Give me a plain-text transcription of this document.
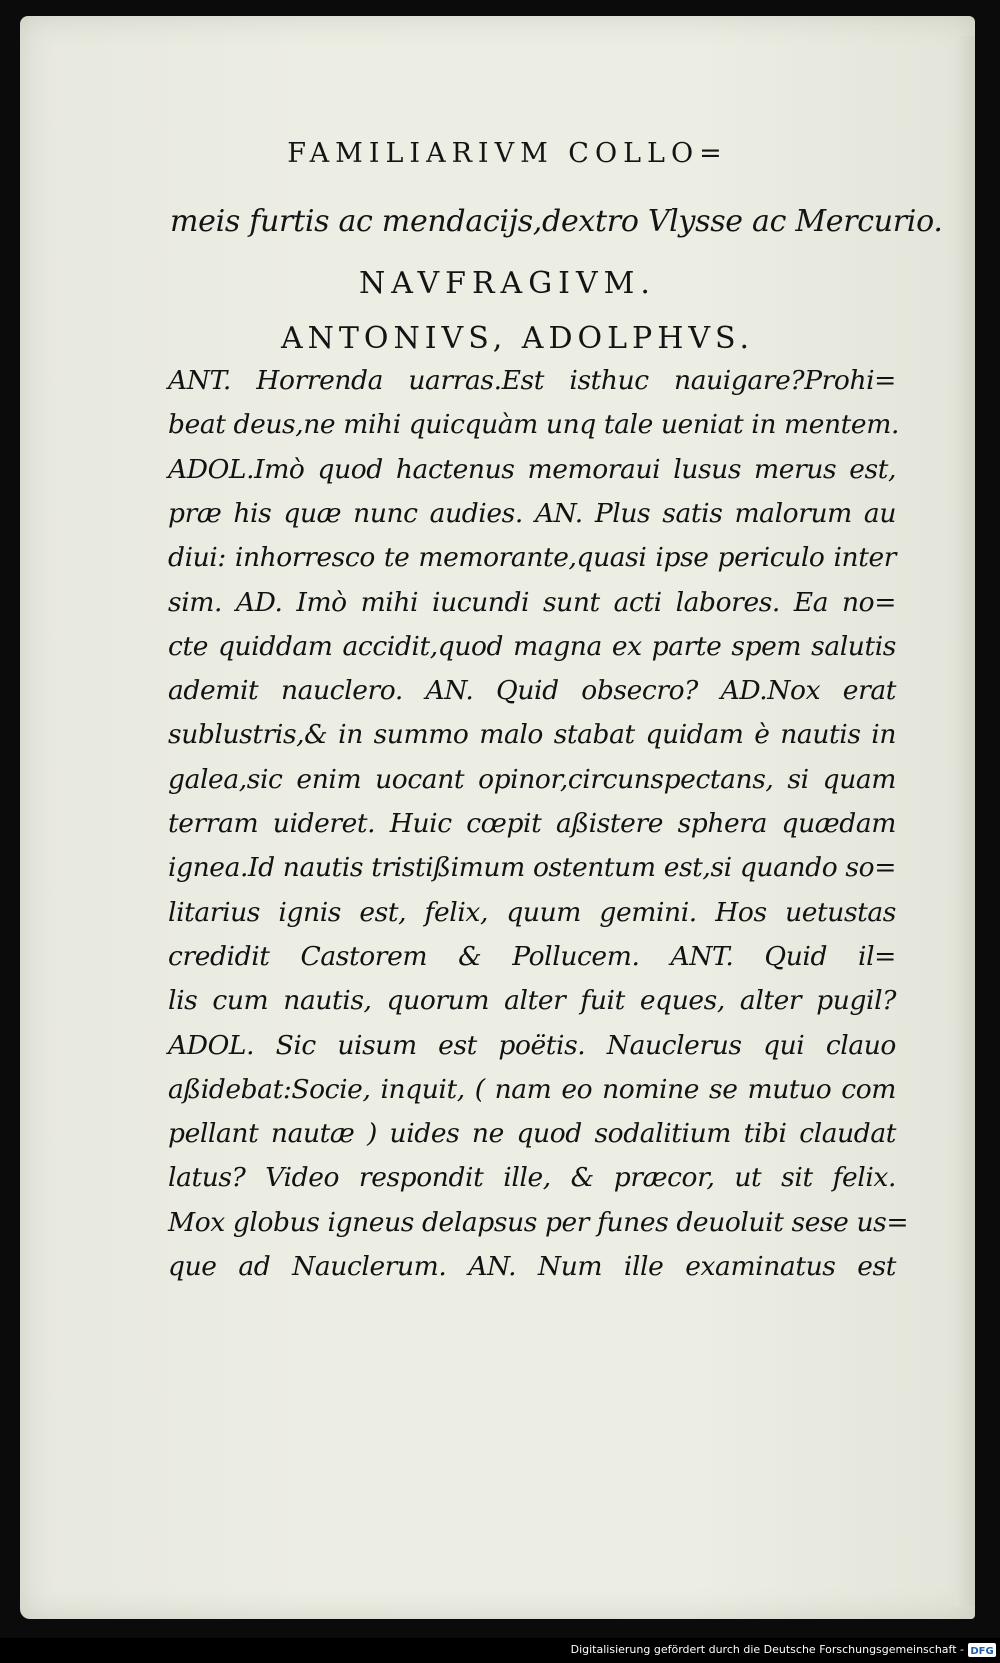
FAMILIARIVM COLLO=
meis furtis ac mendacijs,dextro Vlysse ac Mercurio.
NAVFRAGIVM.
ANTONIVS, ADOLPHVS.
ANT. Horrenda uarras.Est isthuc nauigare?Prohi=
beat deus,ne mihi quicquàm unq tale ueniat in mentem.
ADOL.Imò quod hactenus memoraui lusus merus est,
præ his quæ nunc audies. AN. Plus satis malorum au
diui: inhorresco te memorante,quasi ipse periculo inter
sim. AD. Imò mihi iucundi sunt acti labores. Ea no=
cte quiddam accidit,quod magna ex parte spem salutis
ademit nauclero. AN. Quid obsecro? AD.Nox erat
sublustris,& in summo malo stabat quidam è nautis in
galea,sic enim uocant opinor,circunspectans, si quam
terram uideret. Huic cœpit aßistere sphera quædam
ignea.Id nautis tristißimum ostentum est,si quando so=
litarius ignis est, felix, quum gemini. Hos uetustas
credidit Castorem & Pollucem. ANT. Quid il=
lis cum nautis, quorum alter fuit eques, alter pugil?
ADOL. Sic uisum est poëtis. Nauclerus qui clauo
aßidebat:Socie, inquit, ( nam eo nomine se mutuo com
pellant nautæ ) uides ne quod sodalitium tibi claudat
latus? Video respondit ille, & præcor, ut sit felix.
Mox globus igneus delapsus per funes deuoluit sese us=
que ad Nauclerum. AN. Num ille examinatus est
Digitalisierung gefördert durch die Deutsche Forschungsgemeinschaft - DFG
